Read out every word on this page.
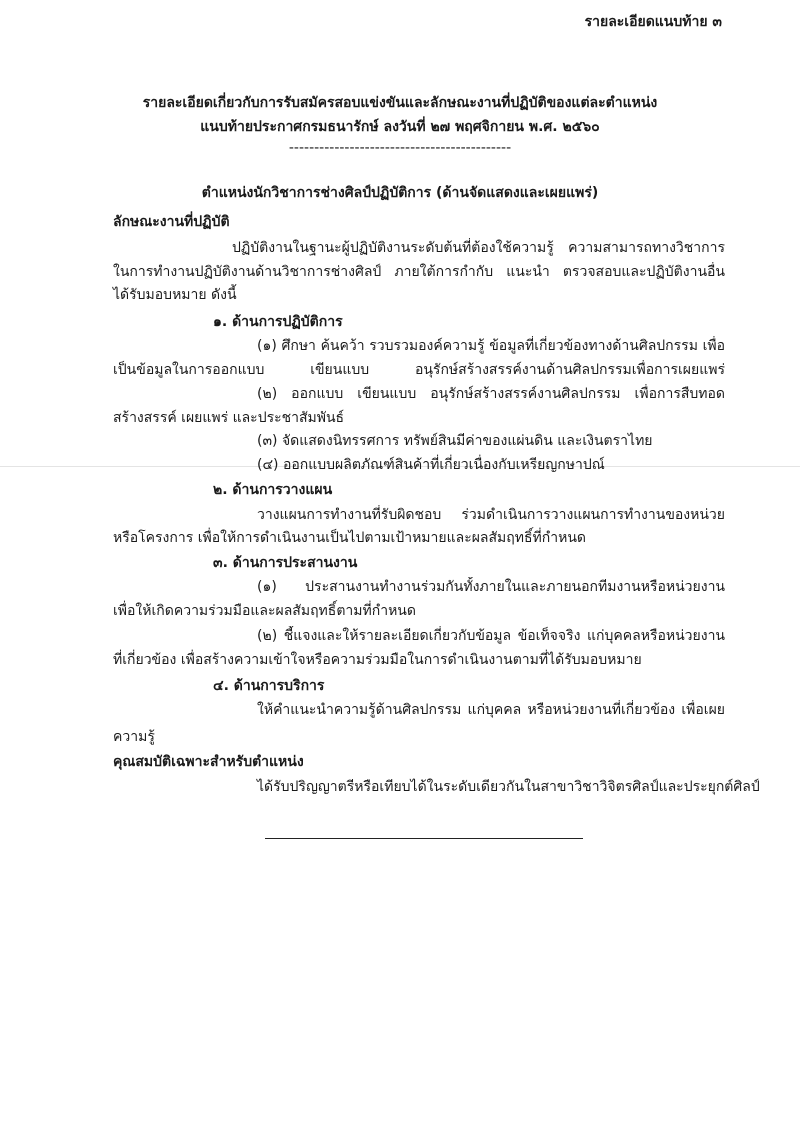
รายละเอียดแนบท้าย ๓
รายละเอียดเกี่ยวกับการรับสมัครสอบแข่งขันและลักษณะงานที่ปฏิบัติของแต่ละตำแหน่ง
แนบท้ายประกาศกรมธนารักษ์ ลงวันที่ ๒๗ พฤศจิกายน พ.ศ. ๒๕๖๐
--------------------------------------------
ตำแหน่งนักวิชาการช่างศิลป์ปฏิบัติการ (ด้านจัดแสดงและเผยแพร่)
ลักษณะงานที่ปฏิบัติ
ปฏิบัติงานในฐานะผู้ปฏิบัติงานระดับต้นที่ต้องใช้ความรู้ ความสามารถทางวิชาการ
ในการทำงานปฏิบัติงานด้านวิชาการช่างศิลป์ ภายใต้การกำกับ แนะนำ ตรวจสอบและปฏิบัติงานอื่น
ได้รับมอบหมาย ดังนี้
๑. ด้านการปฏิบัติการ
(๑) ศึกษา ค้นคว้า รวบรวมองค์ความรู้ ข้อมูลที่เกี่ยวข้องทางด้านศิลปกรรม เพื่อ
เป็นข้อมูลในการออกแบบ เขียนแบบ อนุรักษ์สร้างสรรค์งานด้านศิลปกรรมเพื่อการเผยแพร่
(๒) ออกแบบ เขียนแบบ อนุรักษ์สร้างสรรค์งานศิลปกรรม เพื่อการสืบทอด
สร้างสรรค์ เผยแพร่ และประชาสัมพันธ์
(๓) จัดแสดงนิทรรศการ ทรัพย์สินมีค่าของแผ่นดิน และเงินตราไทย
(๔) ออกแบบผลิตภัณฑ์สินค้าที่เกี่ยวเนื่องกับเหรียญกษาปณ์
๒. ด้านการวางแผน
วางแผนการทำงานที่รับผิดชอบ ร่วมดำเนินการวางแผนการทำงานของหน่วย
หรือโครงการ เพื่อให้การดำเนินงานเป็นไปตามเป้าหมายและผลสัมฤทธิ์ที่กำหนด
๓. ด้านการประสานงาน
(๑) ประสานงานทำงานร่วมกันทั้งภายในและภายนอกทีมงานหรือหน่วยงาน
เพื่อให้เกิดความร่วมมือและผลสัมฤทธิ์ตามที่กำหนด
(๒) ชี้แจงและให้รายละเอียดเกี่ยวกับข้อมูล ข้อเท็จจริง แก่บุคคลหรือหน่วยงาน
ที่เกี่ยวข้อง เพื่อสร้างความเข้าใจหรือความร่วมมือในการดำเนินงานตามที่ได้รับมอบหมาย
๔. ด้านการบริการ
ให้คำแนะนำความรู้ด้านศิลปกรรม แก่บุคคล หรือหน่วยงานที่เกี่ยวข้อง เพื่อเผย
ความรู้
คุณสมบัติเฉพาะสำหรับตำแหน่ง
ได้รับปริญญาตรีหรือเทียบได้ในระดับเดียวกันในสาขาวิชาวิจิตรศิลป์และประยุกต์ศิลป์
